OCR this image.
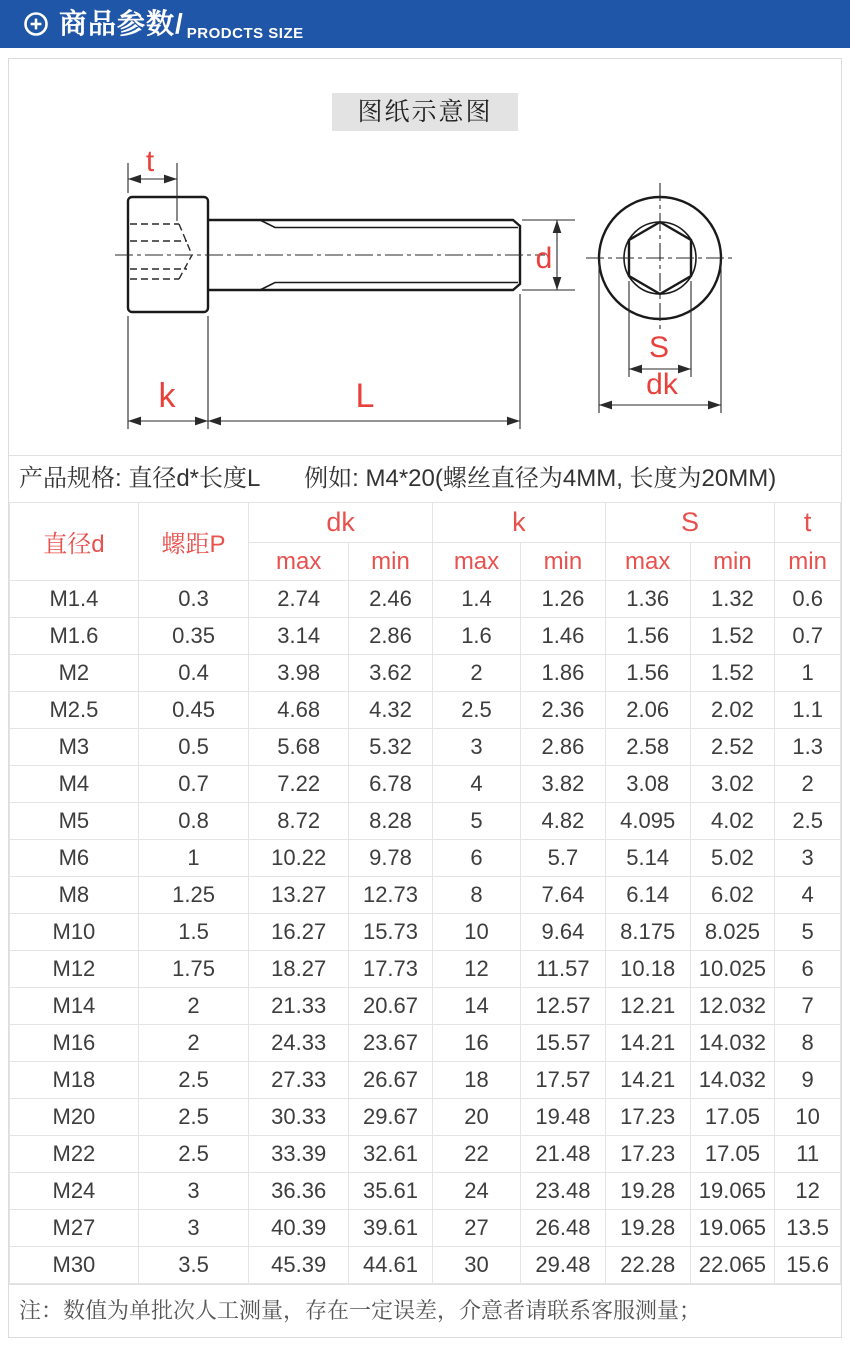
商品参数/ PRODCTS SIZE
图纸示意图
t
d
k	L
S
dk
产品规格: 直径d*长度L 例如: M4*20(螺丝直径为4MM, 长度为20MM)
直径d	螺距P	dk		k		S		t
		max	min	max	min	max	min	min
M1.4	0.3	2.74	2.46	1.4	1.26	1.36	1.32	0.6
M1.6	0.35	3.14	2.86	1.6	1.46	1.56	1.52	0.7
M2	0.4	3.98	3.62	2	1.86	1.56	1.52	1
M2.5	0.45	4.68	4.32	2.5	2.36	2.06	2.02	1.1
M3	0.5	5.68	5.32	3	2.86	2.58	2.52	1.3
M4	0.7	7.22	6.78	4	3.82	3.08	3.02	2
M5	0.8	8.72	8.28	5	4.82	4.095	4.02	2.5
M6	1	10.22	9.78	6	5.7	5.14	5.02	3
M8	1.25	13.27	12.73	8	7.64	6.14	6.02	4
M10	1.5	16.27	15.73	10	9.64	8.175	8.025	5
M12	1.75	18.27	17.73	12	11.57	10.18	10.025	6
M14	2	21.33	20.67	14	12.57	12.21	12.032	7
M16	2	24.33	23.67	16	15.57	14.21	14.032	8
M18	2.5	27.33	26.67	18	17.57	14.21	14.032	9
M20	2.5	30.33	29.67	20	19.48	17.23	17.05	10
M22	2.5	33.39	32.61	22	21.48	17.23	17.05	11
M24	3	36.36	35.61	24	23.48	19.28	19.065	12
M27	3	40.39	39.61	27	26.48	19.28	19.065	13.5
M30	3.5	45.39	44.61	30	29.48	22.28	22.065	15.6
注：数值为单批次人工测量，存在一定误差，介意者请联系客服测量；
